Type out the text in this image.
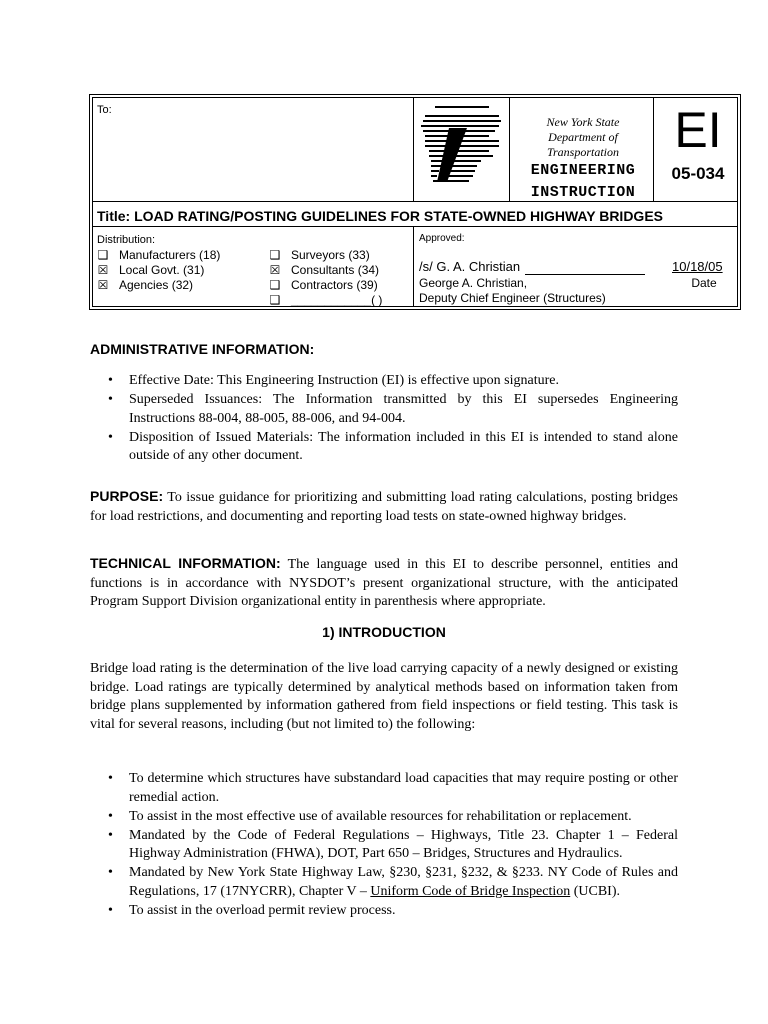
To:
New York State
Department of
Transportation
ENGINEERING
INSTRUCTION
EI
05-034
Title: LOAD RATING/POSTING GUIDELINES FOR STATE-OWNED HIGHWAY BRIDGES
Distribution:
❑ Manufacturers (18)
☒ Local Govt. (31)
☒ Agencies (32)
❑ Surveyors (33)
☒ Consultants (34)
❑ Contractors (39)
❑ ____________( )
Approved:
/s/ G. A. Christian
George A. Christian,
Deputy Chief Engineer (Structures)
10/18/05
Date
ADMINISTRATIVE INFORMATION:
• Effective Date: This Engineering Instruction (EI) is effective upon signature.
• Superseded Issuances: The Information transmitted by this EI supersedes Engineering Instructions 88-004, 88-005, 88-006, and 94-004.
• Disposition of Issued Materials: The information included in this EI is intended to stand alone outside of any other document.
PURPOSE: To issue guidance for prioritizing and submitting load rating calculations, posting bridges for load restrictions, and documenting and reporting load tests on state-owned highway bridges.
TECHNICAL INFORMATION: The language used in this EI to describe personnel, entities and functions is in accordance with NYSDOT’s present organizational structure, with the anticipated Program Support Division organizational entity in parenthesis where appropriate.
1) INTRODUCTION
Bridge load rating is the determination of the live load carrying capacity of a newly designed or existing bridge. Load ratings are typically determined by analytical methods based on information taken from bridge plans supplemented by information gathered from field inspections or field testing. This task is vital for several reasons, including (but not limited to) the following:
• To determine which structures have substandard load capacities that may require posting or other remedial action.
• To assist in the most effective use of available resources for rehabilitation or replacement.
• Mandated by the Code of Federal Regulations – Highways, Title 23. Chapter 1 – Federal Highway Administration (FHWA), DOT, Part 650 – Bridges, Structures and Hydraulics.
• Mandated by New York State Highway Law, §230, §231, §232, & §233. NY Code of Rules and Regulations, 17 (17NYCRR), Chapter V – Uniform Code of Bridge Inspection (UCBI).
• To assist in the overload permit review process.
